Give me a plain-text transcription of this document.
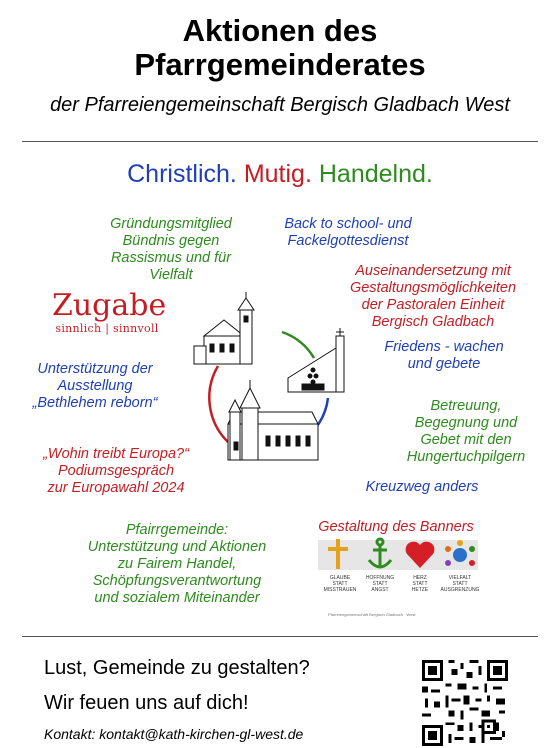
Aktionen des
Pfarrgemeinderates
der Pfarreiengemeinschaft Bergisch Gladbach West
Christlich. Mutig. Handelnd.
Zugabe
sinnlich | sinnvoll
Gründungsmitglied
Bündnis gegen
Rassismus und für
Vielfalt
Back to school- und
Fackelgottesdienst
Auseinandersetzung mit
Gestaltungsmöglichkeiten
der Pastoralen Einheit
Bergisch Gladbach
Friedens - wachen
und gebete
Unterstützung der
Ausstellung
„Bethlehem reborn“	Betreuung,
Begegnung und
Gebet mit den
Hungertuchpilgern
„Wohin treibt Europa?“
Podiumsgespräch
zur Europawahl 2024	Kreuzweg anders
Pfairrgemeinde:
Unterstützung und Aktionen
zu Fairem Handel,
Schöpfungsverantwortung
und sozialem Miteinander
Gestaltung des Banners
GLAUBE
STATT
MISSTRAUEN
HOFFNUNG
STATT
ANGST
HERZ
STATT
HETZE
VIELFALT
STATT
AUSGRENZUNG
Pfarreiengemeinschaft Bergisch Gladbach · West
Lust, Gemeinde zu gestalten?
Wir feuen uns auf dich!
Kontakt: kontakt@kath-kirchen-gl-west.de
